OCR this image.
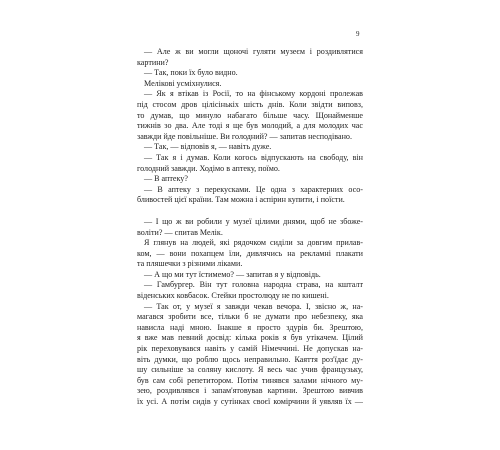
9
— Але ж ви могли щоночі гуляти музеєм і роздивлятися
картини?
— Так, поки їх було видно.
Мелікові усміхнулися.
— Як я втікав із Росії, то на фінському кордоні пролежав
під стосом дров цілісінькіх шість днів. Коли звідти виповз,
то думав, що минуло набагато більше часу. Щонайменше
тижнів зо два. Але тоді я ще був молодий, а для молодих час
завжди йде повільніше. Ви голодний? — запитав несподівано.
— Так, — відповів я, — навіть дуже.
— Так я і думав. Коли когось відпускають на свободу, він
голодний завжди. Ходімо в аптеку, поїмо.
— В аптеку?
— В аптеку з перекусками. Це одна з характерних осо-
бливостей цієї країни. Там можна і аспірин купити, і поїсти.
— І що ж ви робили у музеї цілими днями, щоб не збоже-
воліти? — спитав Мелік.
Я глянув на людей, які рядочком сиділи за довгим прилав-
ком, — вони похапцем їли, дивлячись на рекламні плакати
та пляшечки з різними ліками.
— А що ми тут їстимемо? — запитав я у відповідь.
— Гамбургер. Він тут головна народна страва, на кшталт
віденських ковбасок. Стейки простолюду не по кишені.
— Так от, у музеї я завжди чекав вечора. І, звісно ж, на-
магався зробити все, тільки б не думати про небезпеку, яка
нависла наді мною. Інакше я просто здурів би. Зрештою,
я вже мав певний досвід: кілька років я був утікачем. Цілий
рік переховувався навіть у самій Німеччині. Не допускав на-
віть думки, що роблю щось неправильно. Каяття роз'їдає ду-
шу сильніше за соляну кислоту. Я весь час учив французьку,
був сам собі репетитором. Потім тинявся залами нічного му-
зею, роздивлявся і запам'ятовував картини. Зрештою вивчив
їх усі. А потім сидів у сутінках своєї комірчини й уявляв їх —
